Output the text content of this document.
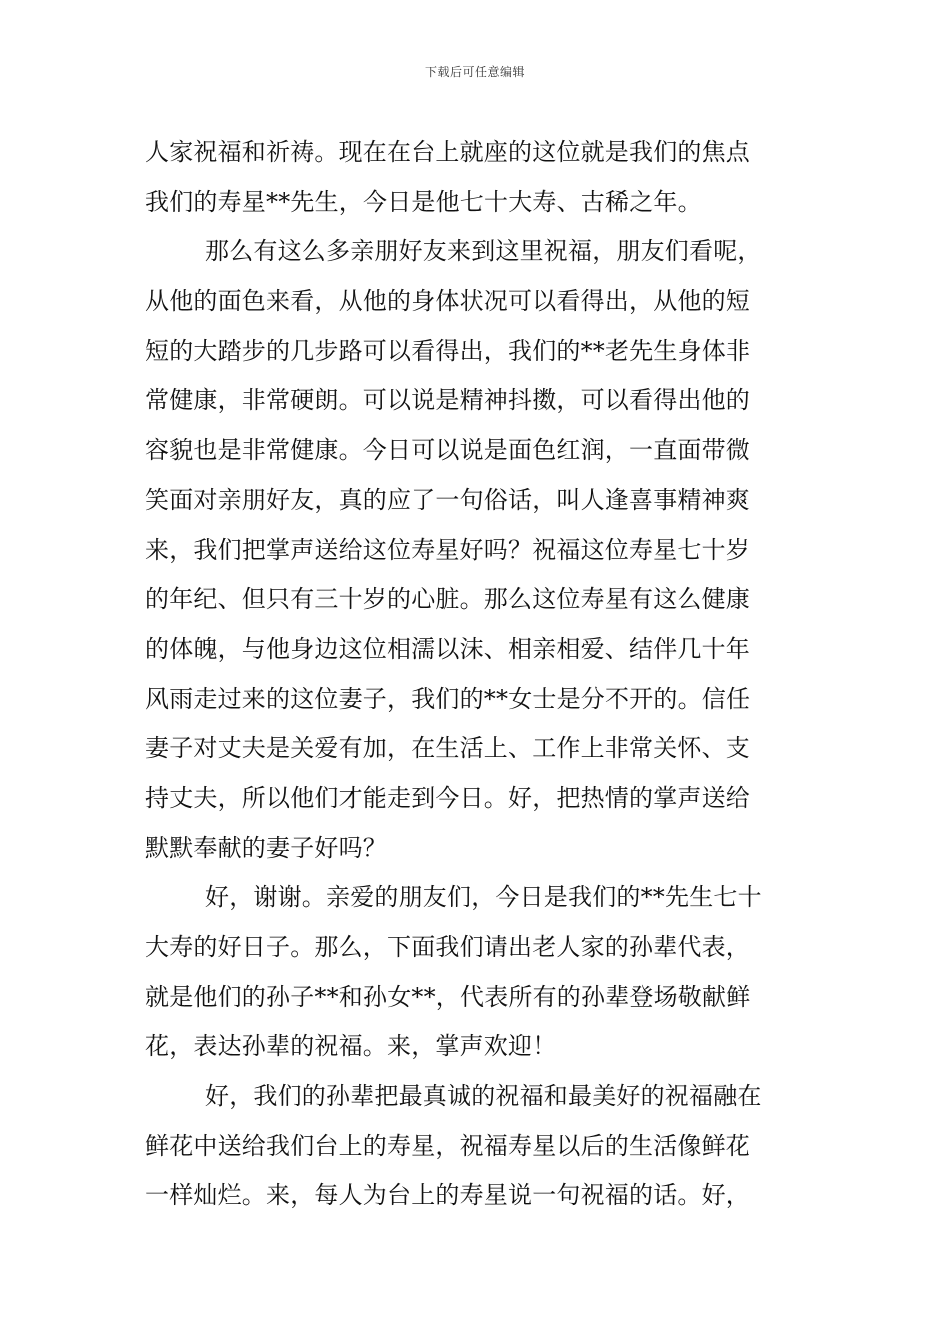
下载后可任意编辑
人家祝福和祈祷。现在在台上就座的这位就是我们的焦点
我们的寿星**先生，今日是他七十大寿、古稀之年。
那么有这么多亲朋好友来到这里祝福，朋友们看呢，
从他的面色来看，从他的身体状况可以看得出，从他的短
短的大踏步的几步路可以看得出，我们的**老先生身体非
常健康，非常硬朗。可以说是精神抖擞，可以看得出他的
容貌也是非常健康。今日可以说是面色红润，一直面带微
笑面对亲朋好友，真的应了一句俗话，叫人逢喜事精神爽
来，我们把掌声送给这位寿星好吗？祝福这位寿星七十岁
的年纪、但只有三十岁的心脏。那么这位寿星有这么健康
的体魄，与他身边这位相濡以沫、相亲相爱、结伴几十年
风雨走过来的这位妻子，我们的**女士是分不开的。信任
妻子对丈夫是关爱有加，在生活上、工作上非常关怀、支
持丈夫，所以他们才能走到今日。好，把热情的掌声送给
默默奉献的妻子好吗？
好，谢谢。亲爱的朋友们，今日是我们的**先生七十
大寿的好日子。那么，下面我们请出老人家的孙辈代表，
就是他们的孙子**和孙女**，代表所有的孙辈登场敬献鲜
花，表达孙辈的祝福。来，掌声欢迎！
好，我们的孙辈把最真诚的祝福和最美好的祝福融在
鲜花中送给我们台上的寿星，祝福寿星以后的生活像鲜花
一样灿烂。来，每人为台上的寿星说一句祝福的话。好，
